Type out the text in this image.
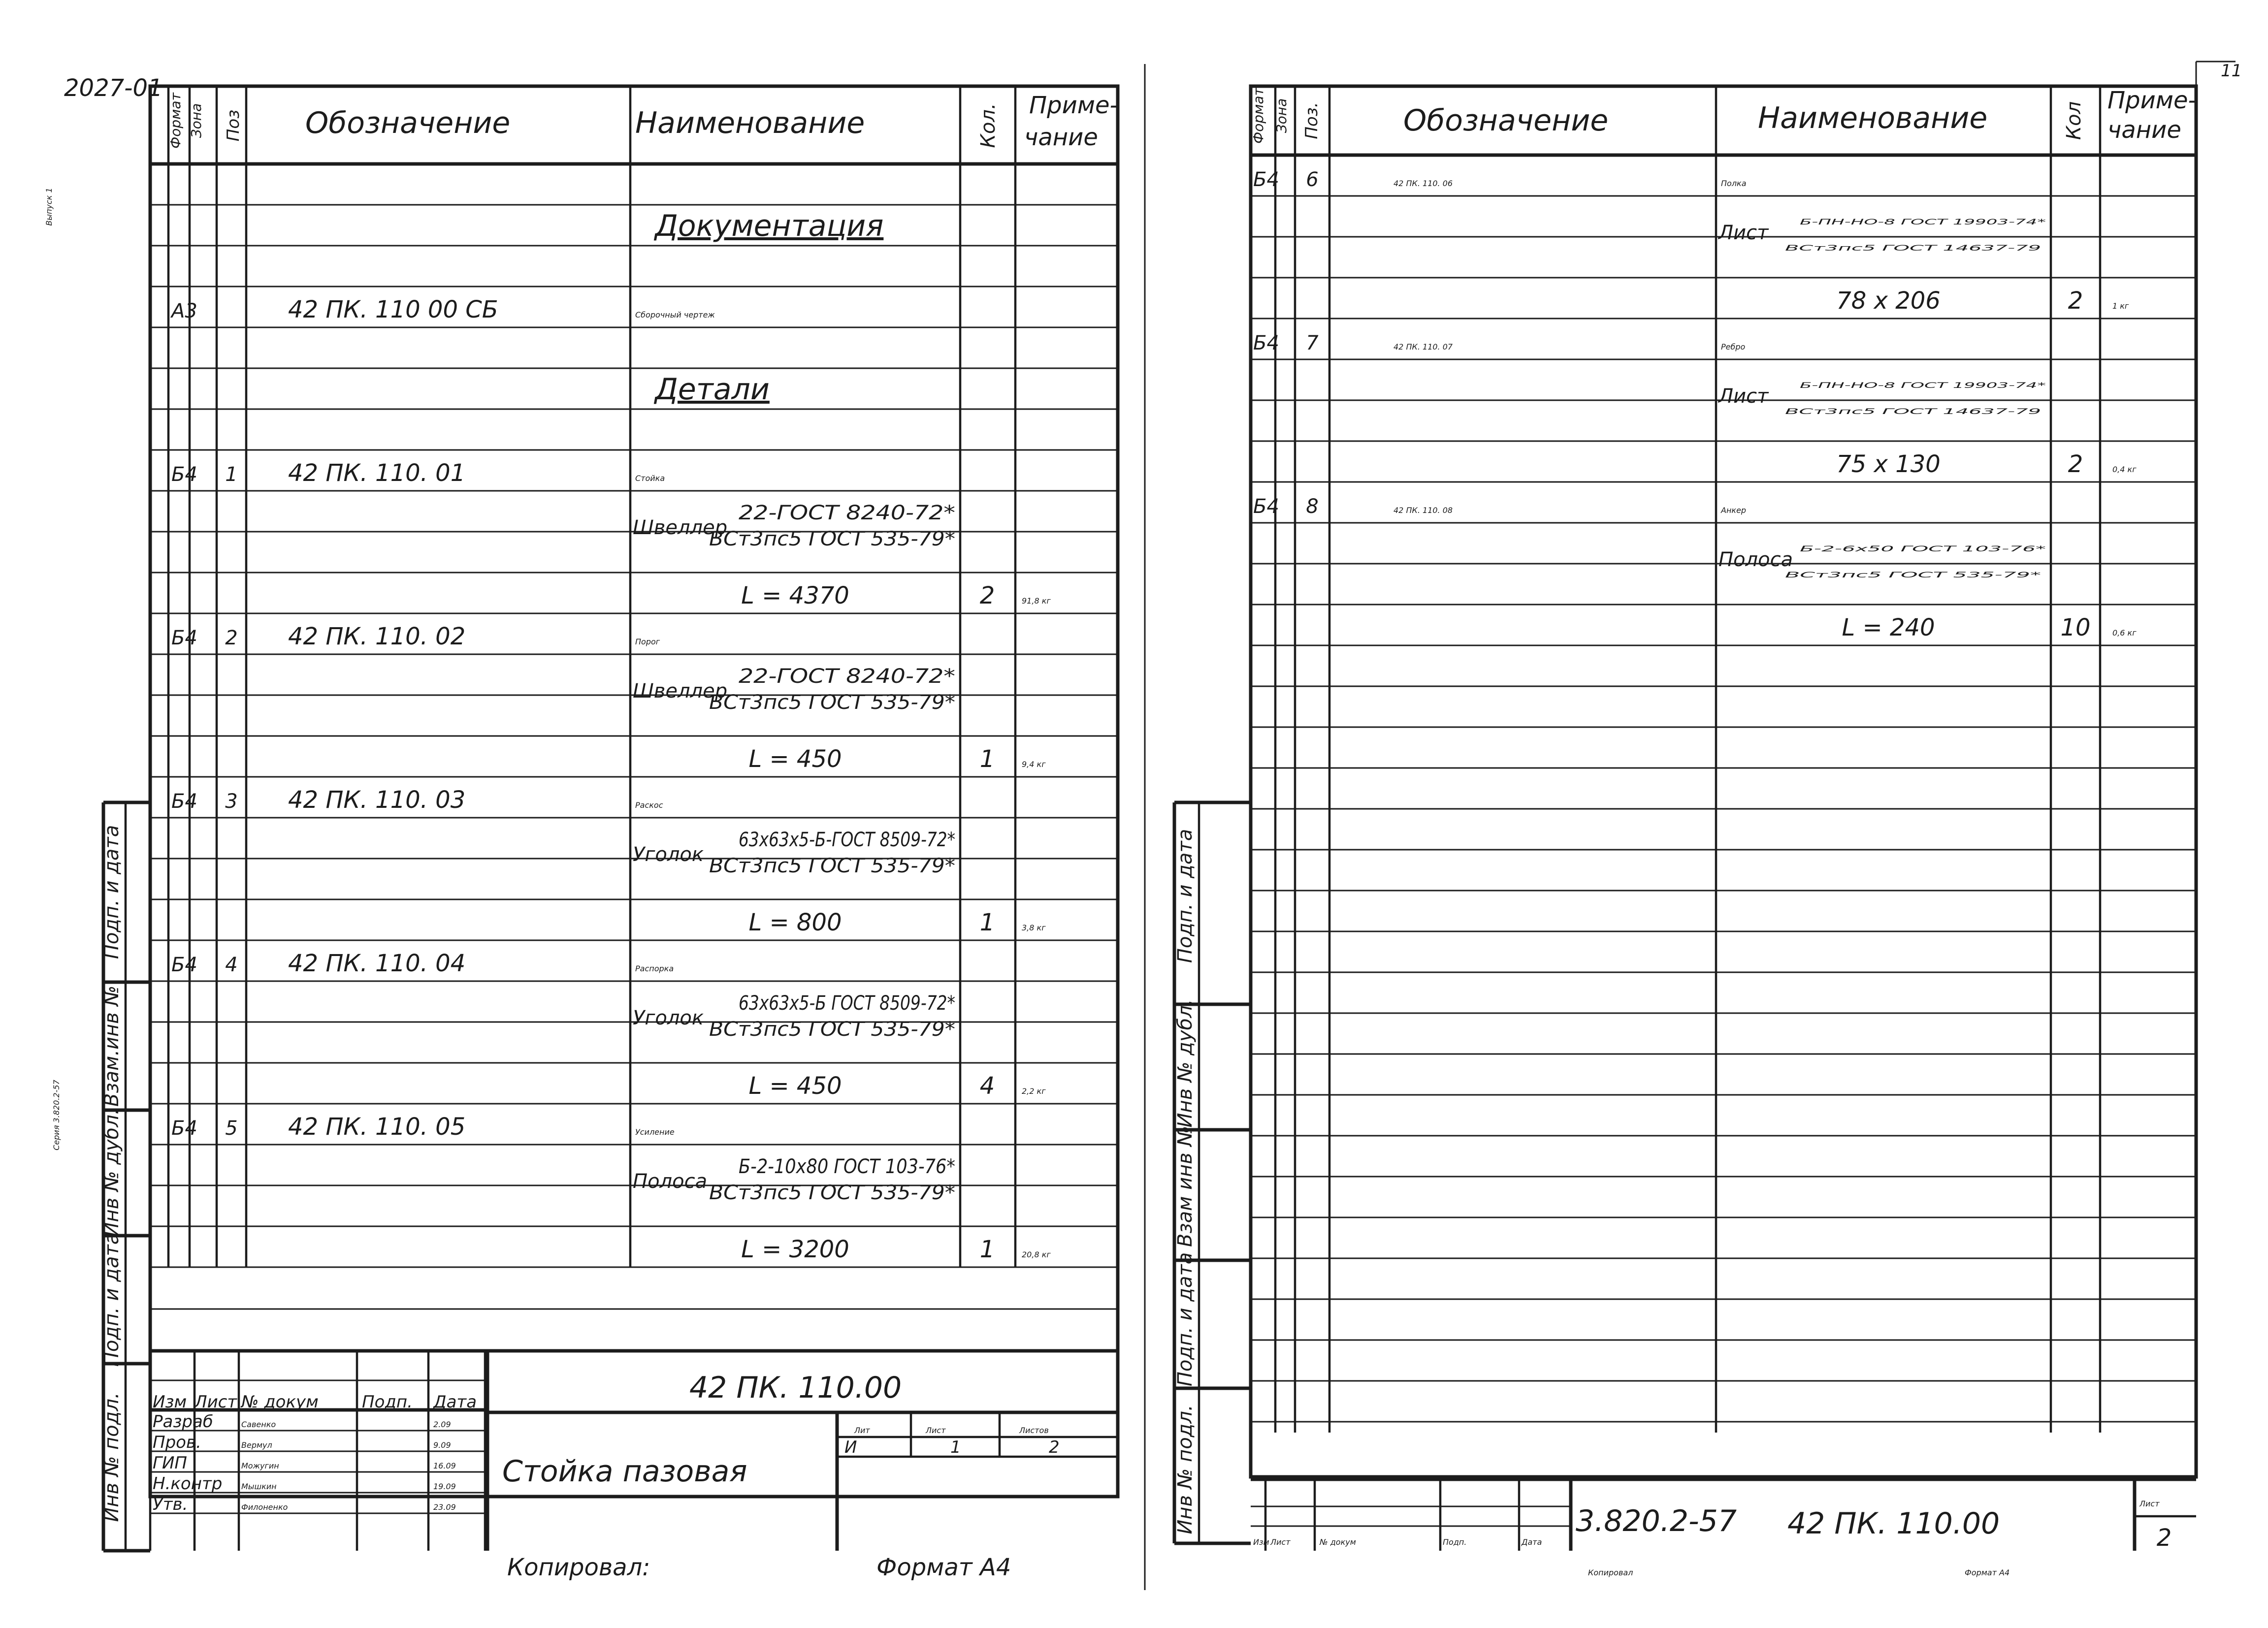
Формат Зона Поз Обозначение	Наименование	Кол. Приме-
чание
Документация
А3	42 ПК. 110 00 СБ	Сборочный чертеж
Детали
Б4 1 42 ПК. 110. 01	Стойка
Швеллер
22-ГОСТ 8240-72*
ВСт3пс5 ГОСТ 535-79*
L = 4370	2	91,8 кг
Б4 2 42 ПК. 110. 02	Порог
Швеллер
22-ГОСТ 8240-72*
ВСт3пс5 ГОСТ 535-79*
L = 450	1	9,4 кг
Б4 3 42 ПК. 110. 03	Раскос
Уголок
63х63х5-Б-ГОСТ 8509-72*
ВСт3пс5 ГОСТ 535-79*
L = 800	1	3,8 кг
Б4 4 42 ПК. 110. 04	Распорка
Уголок
63х63х5-Б ГОСТ 8509-72*
ВСт3пс5 ГОСТ 535-79*
L = 450	4	2,2 кг
Б4 5 42 ПК. 110. 05	Усиление
Полоса
Б-2-10х80 ГОСТ 103-76*
ВСт3пс5 ГОСТ 535-79*
L = 3200	1	20,8 кг
Подп. и дата
Взам.инв №
Инв № дубл.
Подп. и дата
Инв № подл.
Серия 3.820.2-57
Выпуск 1
2027-01
Изм Лист № докум	Подп. Дата
Разраб	Савенко	2.09
Пров.	Вермул	9.09
ГИП	Можугин	16.09
Н.контр Мышкин	19.09
Утв.	Филоненко	23.09
42 ПК. 110.00
Стойка пазовая
Лит	Лист	Листов
И	1	2
Копировал:	Формат А4
Формат Зона Поз.	Обозначение	Наименование	Кол
Приме-
чание
Б4 6	42 ПК. 110. 06	Полка
Лист	Б-ПН-НО-8 ГОСТ 19903-74*
ВСт3пс5 ГОСТ 14637-79
78 х 206	2	1 кг
Б4 7	42 ПК. 110. 07	Ребро
Лист	Б-ПН-НО-8 ГОСТ 19903-74*
ВСт3пс5 ГОСТ 14637-79
75 х 130	2	0,4 кг
Б4 8	42 ПК. 110. 08	Анкер
Полоса Б-2-6х50 ГОСТ 103-76*
ВСт3пс5 ГОСТ 535-79*
L = 240	10	0,6 кг
11
Подп. и дата
Инв № дубл.
Взам инв №
Подп. и дата
Инв № подл.
Изм Лист	№ докум	Подп.	Дата
3.820.2-57 42 ПК. 110.00
Лист
2
Копировал	Формат А4
